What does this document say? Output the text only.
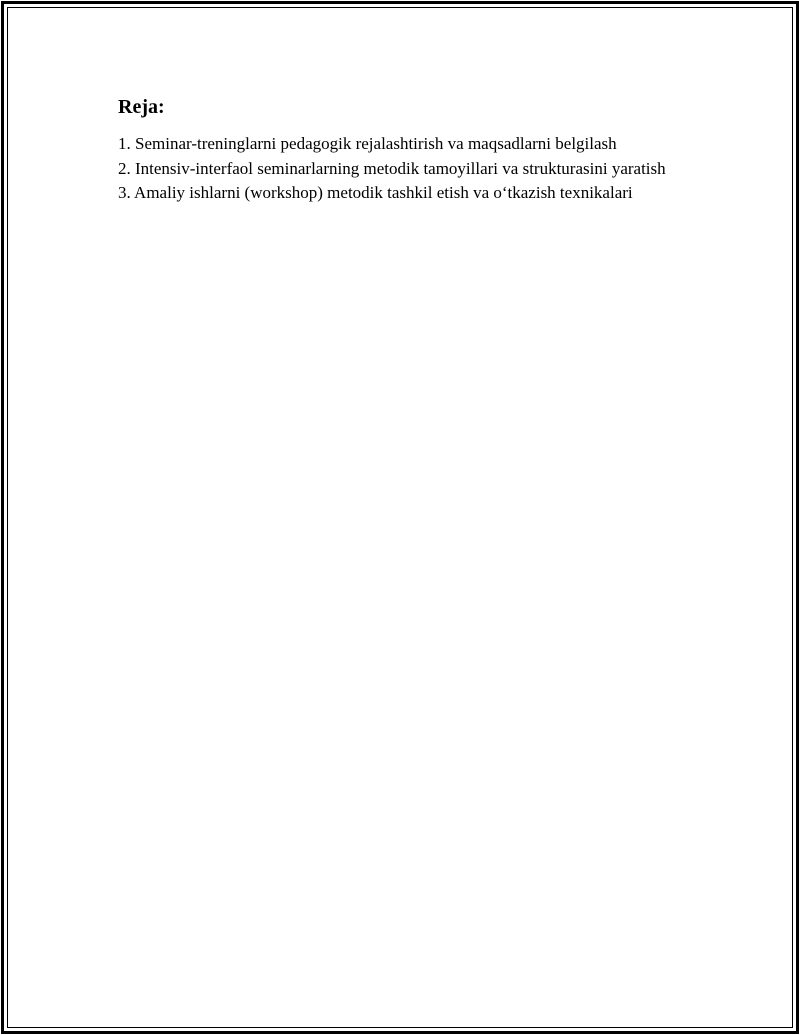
Reja:

1. Seminar-treninglarni pedagogik rejalashtirish va maqsadlarni belgilash

2. Intensiv-interfaol seminarlarning metodik tamoyillari va strukturasini yaratish

3. Amaliy ishlarni (workshop) metodik tashkil etish va o‘tkazish texnikalari
